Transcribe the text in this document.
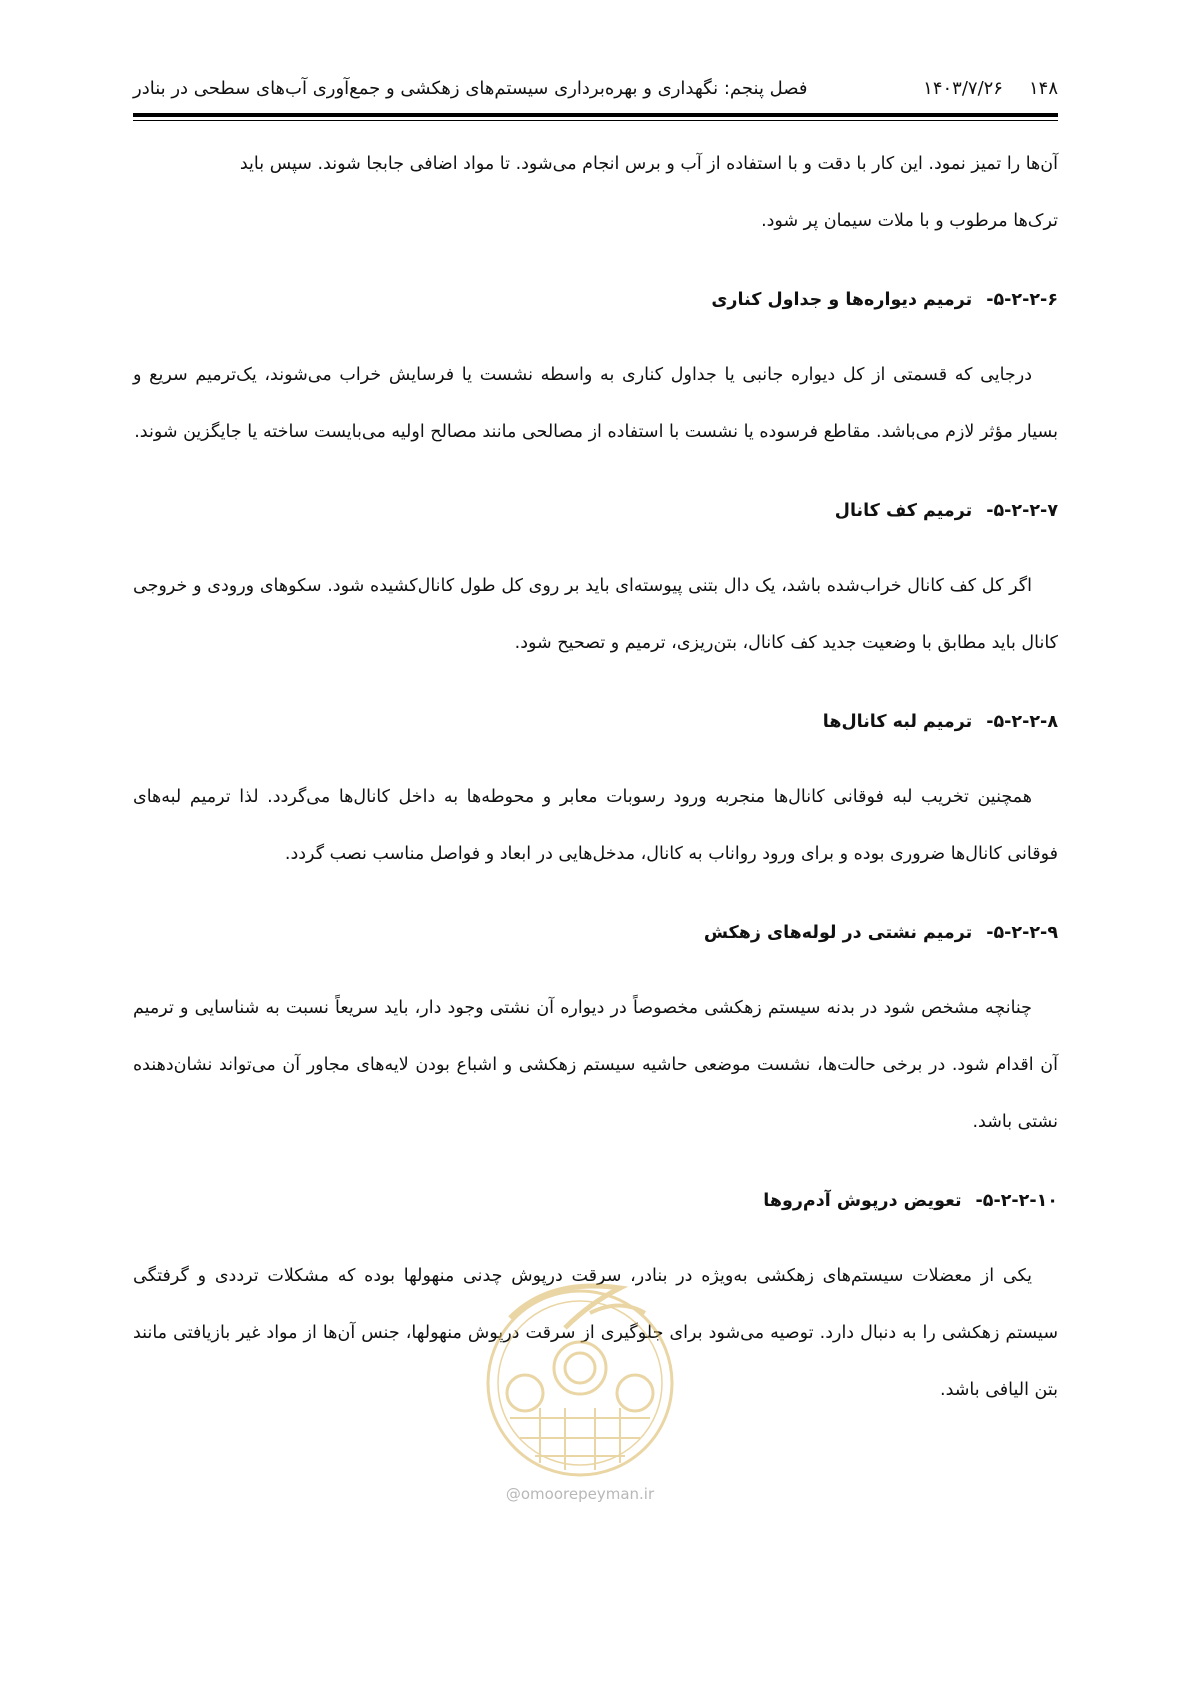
۱۴۸
۱۴۰۳/۷/۲۶
فصل پنجم: نگهداری و بهره‌برداری سیستم‌های زهکشی و جمع‌آوری آب‌های سطحی در بنادر

آن‌ها را تمیز نمود. این کار با دقت و با استفاده از آب و برس انجام می‌شود. تا مواد اضافی جابجا شوند. سپس باید

ترک‌ها مرطوب و با ملات سیمان پر شود.

۵-۲-۲-۶-ترمیم دیواره‌ها و جداول کناری

درجایی که قسمتی از کل دیواره جانبی یا جداول کناری به واسطه نشست یا فرسایش خراب می‌شوند، یک‌ترمیم سریع و بسیار مؤثر لازم می‌باشد. مقاطع فرسوده یا نشست با استفاده از مصالحی مانند مصالح اولیه می‌بایست ساخته یا جایگزین شوند.

۵-۲-۲-۷-ترمیم کف کانال

اگر کل کف کانال خراب‌شده باشد، یک دال بتنی پیوسته‌ای باید بر روی کل طول کانال‌کشیده شود. سکوهای ورودی و خروجی کانال باید مطابق با وضعیت جدید کف کانال، بتن‌ریزی، ترمیم و تصحیح شود.

۵-۲-۲-۸-ترمیم لبه کانال‌ها

همچنین تخریب لبه فوقانی کانال‌ها منجربه ورود رسوبات معابر و محوطه‌ها به داخل کانال‌ها می‌گردد. لذا ترمیم لبه‌های فوقانی کانال‌ها ضروری بوده و برای ورود رواناب به کانال، مدخل‌هایی در ابعاد و فواصل مناسب نصب گردد.

۵-۲-۲-۹-ترمیم نشتی در لوله‌های زهکش

چنانچه مشخص شود در بدنه سیستم زهکشی مخصوصاً در دیواره آن نشتی وجود دار، باید سریعاً نسبت به شناسایی و ترمیم آن اقدام شود. در برخی حالت‌ها، نشست موضعی حاشیه سیستم زهکشی و اشباع بودن لایه‌های مجاور آن می‌تواند نشان‌دهنده نشتی باشد.

۵-۲-۲-۱۰-تعویض درپوش آدم‌روها

یکی از معضلات سیستم‌های زهکشی به‌ویژه در بنادر، سرقت درپوش چدنی منهولها بوده که مشکلات ترددی و گرفتگی سیستم زهکشی را به دنبال دارد. توصیه می‌شود برای جلوگیری از سرقت درپوش منهولها، جنس آن‌ها از مواد غیر بازیافتی مانند بتن الیافی باشد.

@omoorepeyman.ir
